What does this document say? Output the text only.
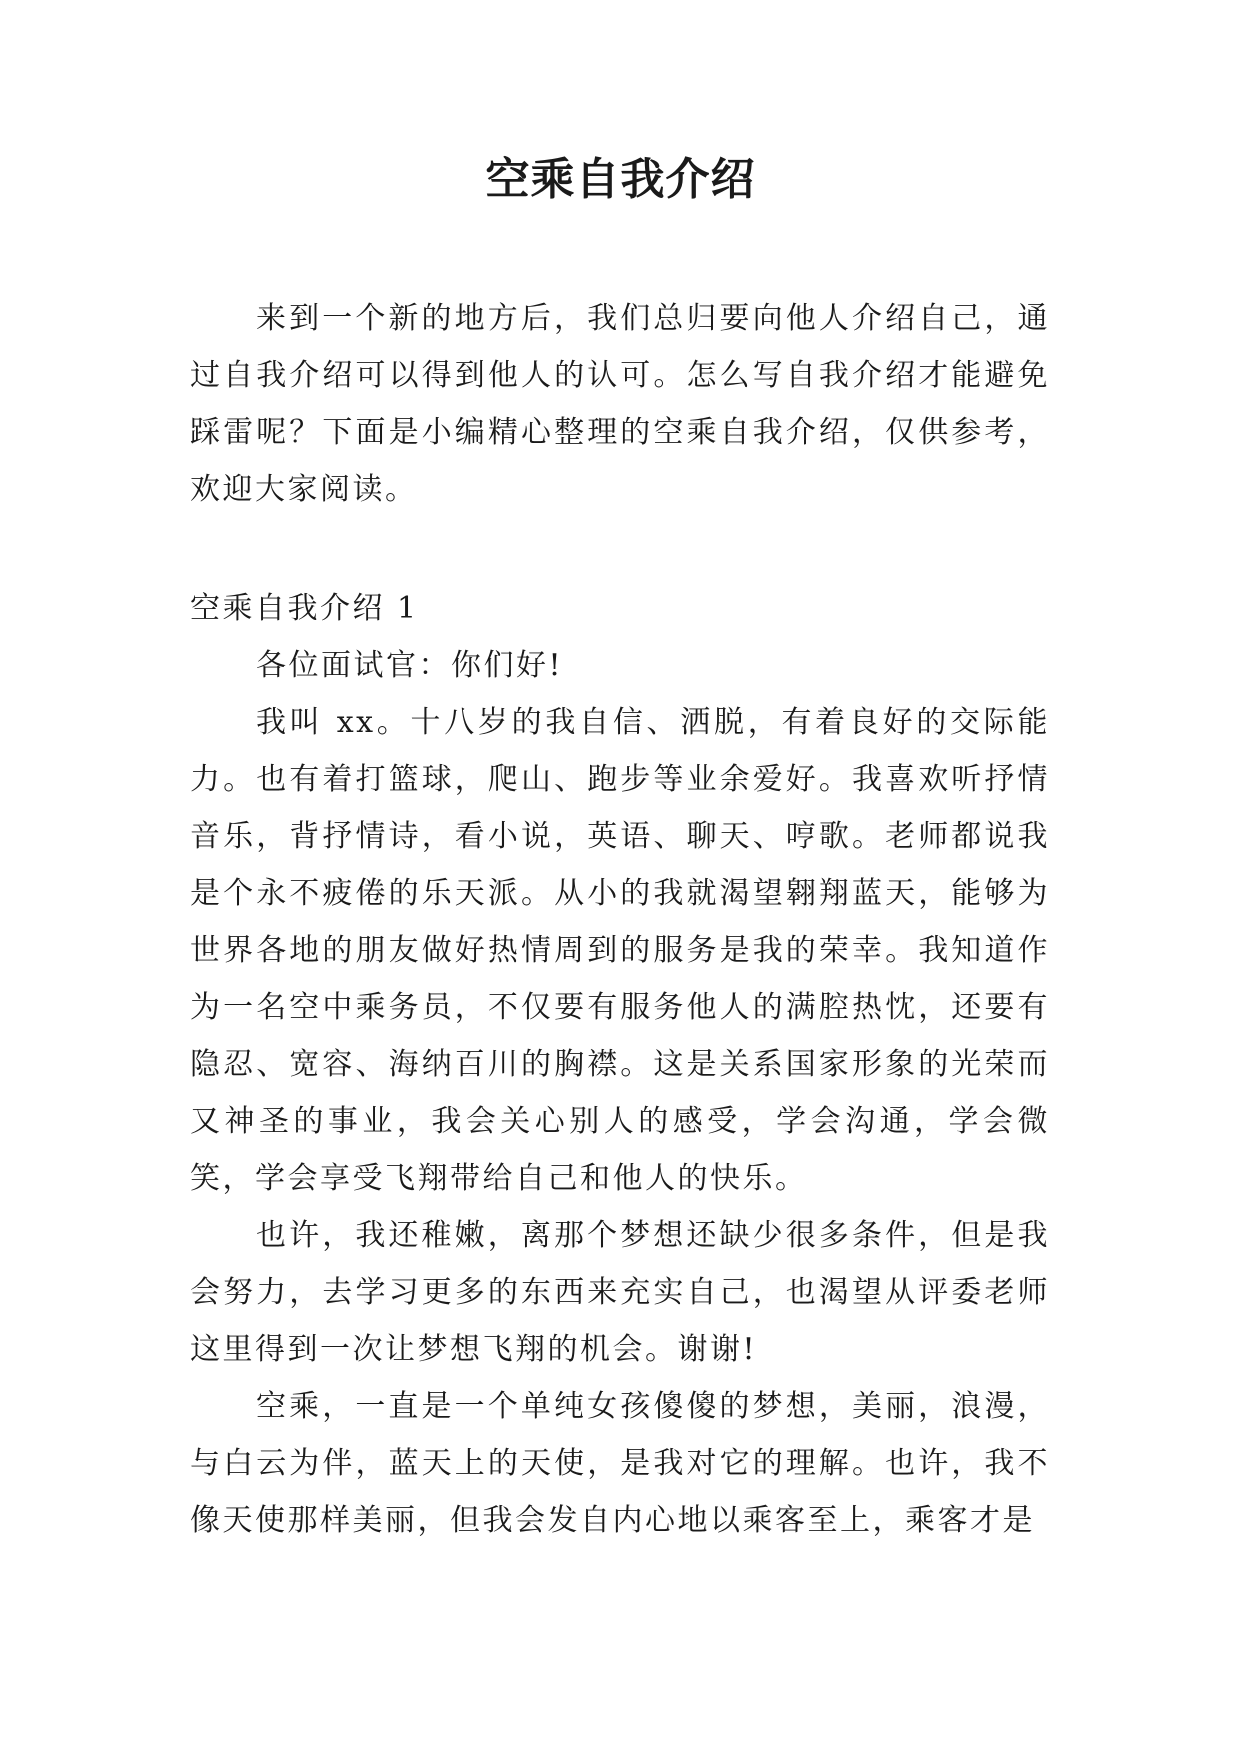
空乘自我介绍

来到一个新的地方后，我们总归要向他人介绍自己，通过自我介绍可以得到他人的认可。怎么写自我介绍才能避免踩雷呢？下面是小编精心整理的空乘自我介绍，仅供参考，欢迎大家阅读。

空乘自我介绍 1

各位面试官：你们好!

我叫 xx。十八岁的我自信、洒脱，有着良好的交际能力。也有着打篮球，爬山、跑步等业余爱好。我喜欢听抒情音乐，背抒情诗，看小说，英语、聊天、哼歌。老师都说我是个永不疲倦的乐天派。从小的我就渴望翱翔蓝天，能够为世界各地的朋友做好热情周到的服务是我的荣幸。我知道作为一名空中乘务员，不仅要有服务他人的满腔热忱，还要有隐忍、宽容、海纳百川的胸襟。这是关系国家形象的光荣而又神圣的事业，我会关心别人的感受，学会沟通，学会微笑，学会享受飞翔带给自己和他人的快乐。

也许，我还稚嫩，离那个梦想还缺少很多条件，但是我会努力，去学习更多的东西来充实自己，也渴望从评委老师这里得到一次让梦想飞翔的机会。谢谢!

空乘，一直是一个单纯女孩傻傻的梦想，美丽，浪漫，与白云为伴，蓝天上的天使，是我对它的理解。也许，我不像天使那样美丽，但我会发自内心地以乘客至上，乘客才是
